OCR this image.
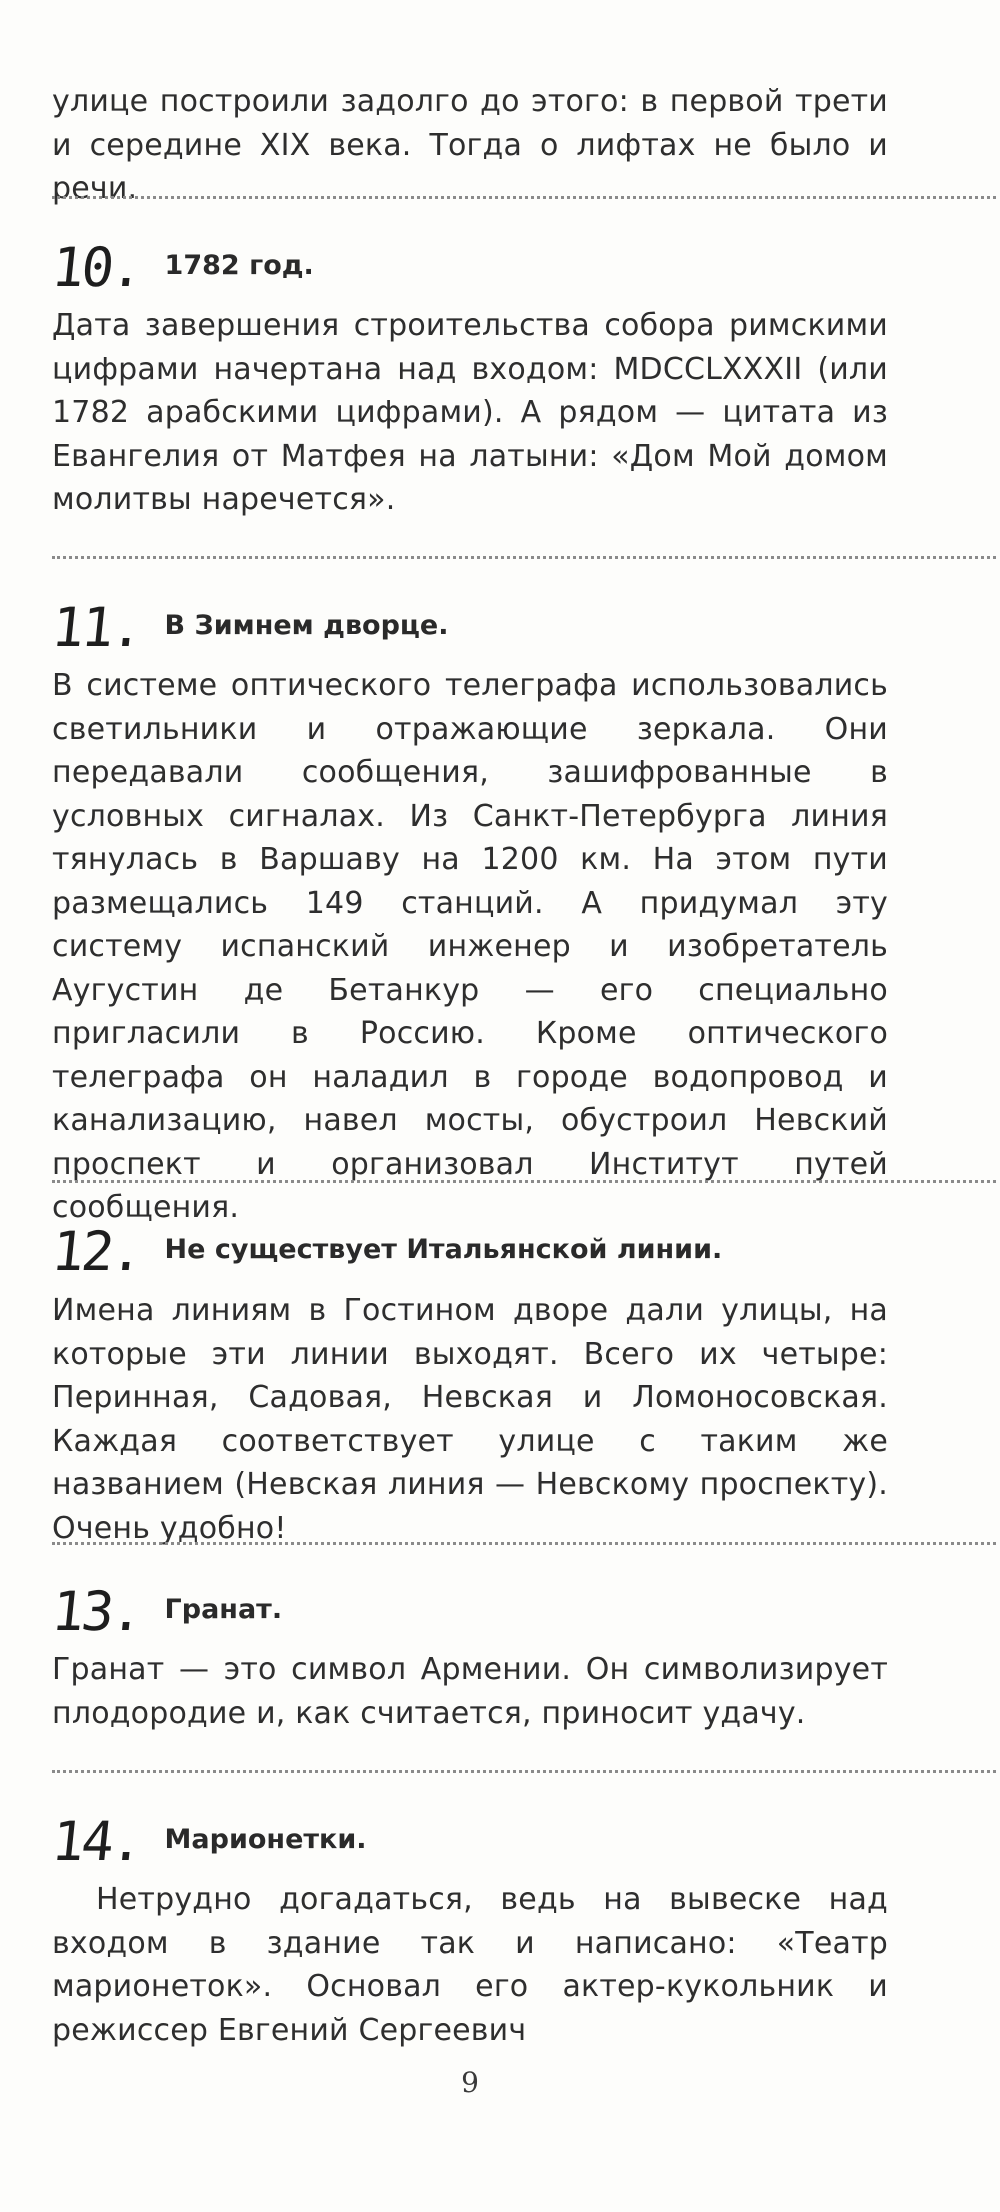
улице построили задолго до этого: в первой трети и середине XIX века. Тогда о лифтах не было и речи.

10. 1782 год.

Дата завершения строительства собора римскими цифрами начертана над входом: MDCCLXXXII (или 1782 арабскими цифрами). А рядом — цитата из Евангелия от Матфея на латыни: «Дом Мой домом молитвы наречется».

11. В Зимнем дворце.

В системе оптического телеграфа использовались светильники и отражающие зеркала. Они передавали сообщения, зашифрованные в условных сигналах. Из Санкт-Петербурга линия тянулась в Варшаву на 1200 км. На этом пути размещались 149 станций. А придумал эту систему испанский инженер и изобретатель Аугустин де Бетанкур — его специально пригласили в Россию. Кроме оптического телеграфа он наладил в городе водопровод и канализацию, навел мосты, обустроил Невский проспект и организовал Институт путей сообщения.

12. Не существует Итальянской линии.

Имена линиям в Гостином дворе дали улицы, на которые эти линии выходят. Всего их четыре: Перинная, Садовая, Невская и Ломоносовская. Каждая соответствует улице с таким же названием (Невская линия — Невскому проспекту). Очень удобно!

13. Гранат.

Гранат — это символ Армении. Он символизирует плодородие и, как считается, приносит удачу.

14. Марионетки.

Нетрудно догадаться, ведь на вывеске над входом в здание так и написано: «Театр марионеток». Основал его актер-кукольник и режиссер Евгений Сергеевич

9
